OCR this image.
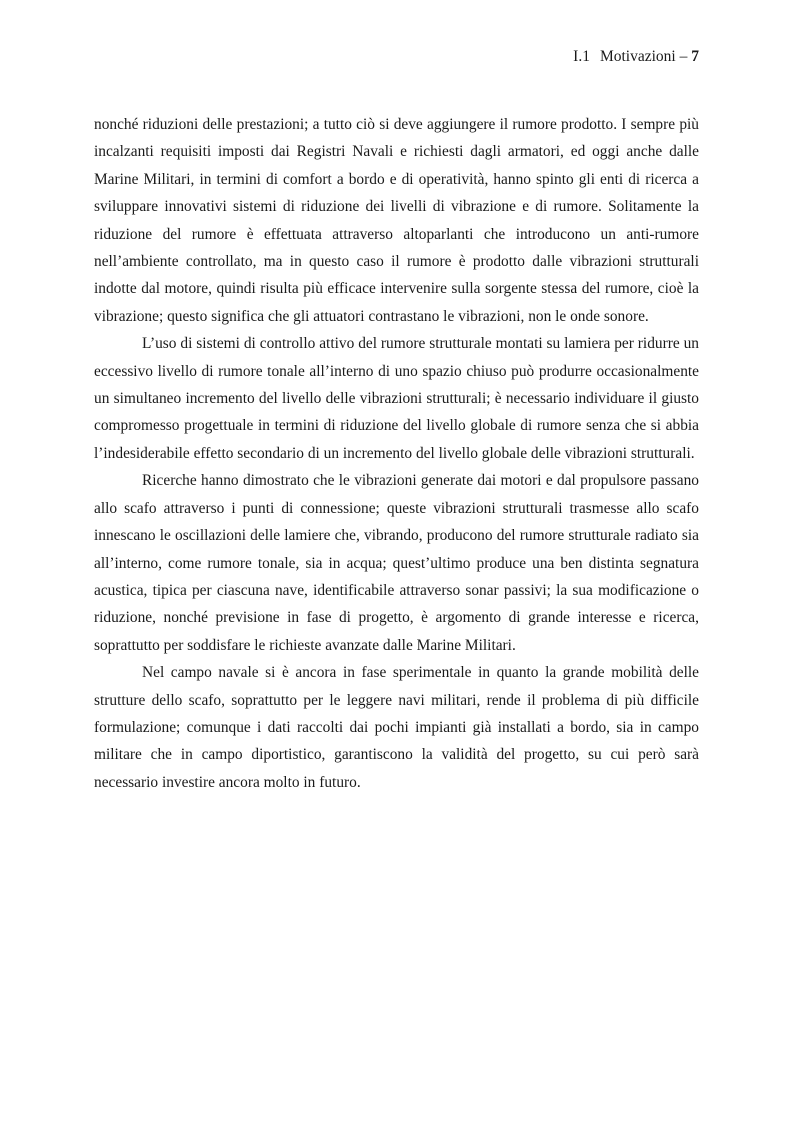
I.1 Motivazioni – 7

nonché riduzioni delle prestazioni; a tutto ciò si deve aggiungere il rumore prodotto. I sempre più incalzanti requisiti imposti dai Registri Navali e richiesti dagli armatori, ed oggi anche dalle Marine Militari, in termini di comfort a bordo e di operatività, hanno spinto gli enti di ricerca a sviluppare innovativi sistemi di riduzione dei livelli di vibrazione e di rumore. Solitamente la riduzione del rumore è effettuata attraverso altoparlanti che introducono un anti-rumore nell’ambiente controllato, ma in questo caso il rumore è prodotto dalle vibrazioni strutturali indotte dal motore, quindi risulta più efficace intervenire sulla sorgente stessa del rumore, cioè la vibrazione; questo significa che gli attuatori contrastano le vibrazioni, non le onde sonore.

L’uso di sistemi di controllo attivo del rumore strutturale montati su lamiera per ridurre un eccessivo livello di rumore tonale all’interno di uno spazio chiuso può produrre occasionalmente un simultaneo incremento del livello delle vibrazioni strutturali; è necessario individuare il giusto compromesso progettuale in termini di riduzione del livello globale di rumore senza che si abbia l’indesiderabile effetto secondario di un incremento del livello globale delle vibrazioni strutturali.

Ricerche hanno dimostrato che le vibrazioni generate dai motori e dal propulsore passano allo scafo attraverso i punti di connessione; queste vibrazioni strutturali trasmesse allo scafo innescano le oscillazioni delle lamiere che, vibrando, producono del rumore strutturale radiato sia all’interno, come rumore tonale, sia in acqua; quest’ultimo produce una ben distinta segnatura acustica, tipica per ciascuna nave, identificabile attraverso sonar passivi; la sua modificazione o riduzione, nonché previsione in fase di progetto, è argomento di grande interesse e ricerca, soprattutto per soddisfare le richieste avanzate dalle Marine Militari.

Nel campo navale si è ancora in fase sperimentale in quanto la grande mobilità delle strutture dello scafo, soprattutto per le leggere navi militari, rende il problema di più difficile formulazione; comunque i dati raccolti dai pochi impianti già installati a bordo, sia in campo militare che in campo diportistico, garantiscono la validità del progetto, su cui però sarà necessario investire ancora molto in futuro.
